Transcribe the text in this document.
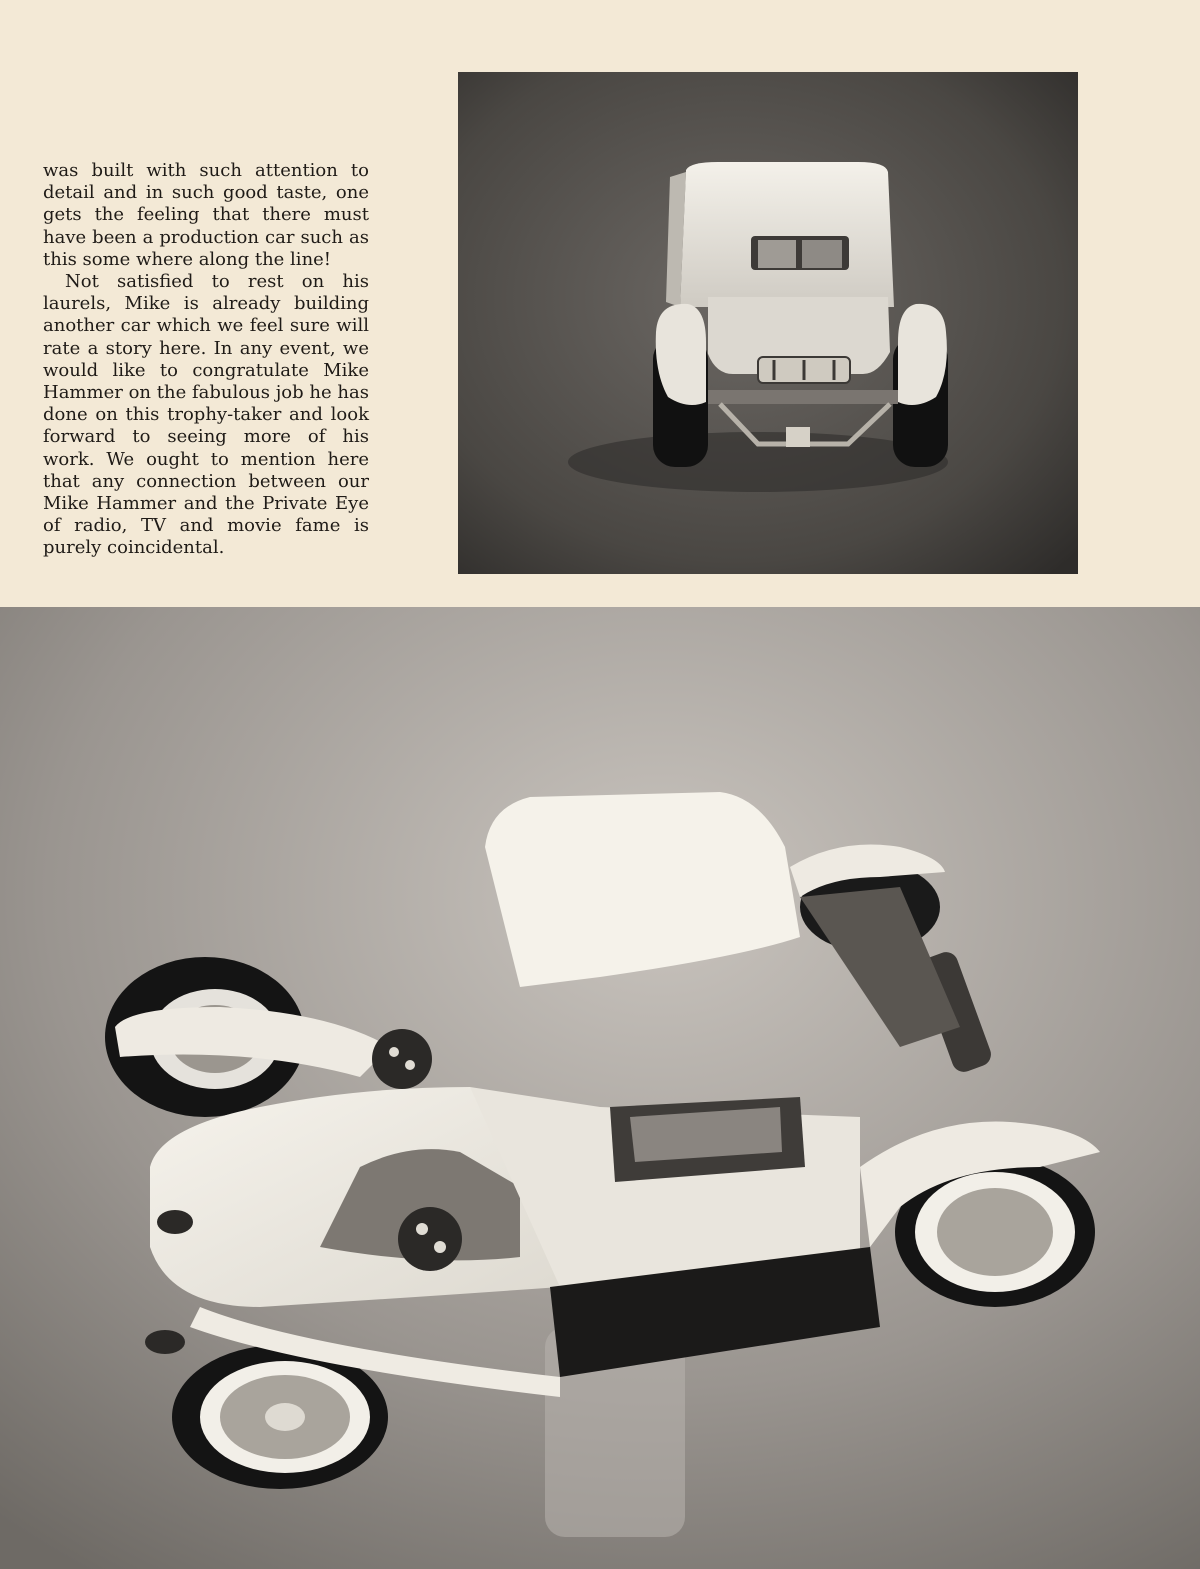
was built with such attention to detail and in such good taste, one gets the feeling that there must have been a production car such as this some where along the line!

Not satisfied to rest on his laurels, Mike is already building another car which we feel sure will rate a story here. In any event, we would like to congratulate Mike Hammer on the fabulous job he has done on this trophy-taker and look forward to seeing more of his work. We ought to mention here that any connection between our Mike Hammer and the Private Eye of radio, TV and movie fame is purely coincidental.
